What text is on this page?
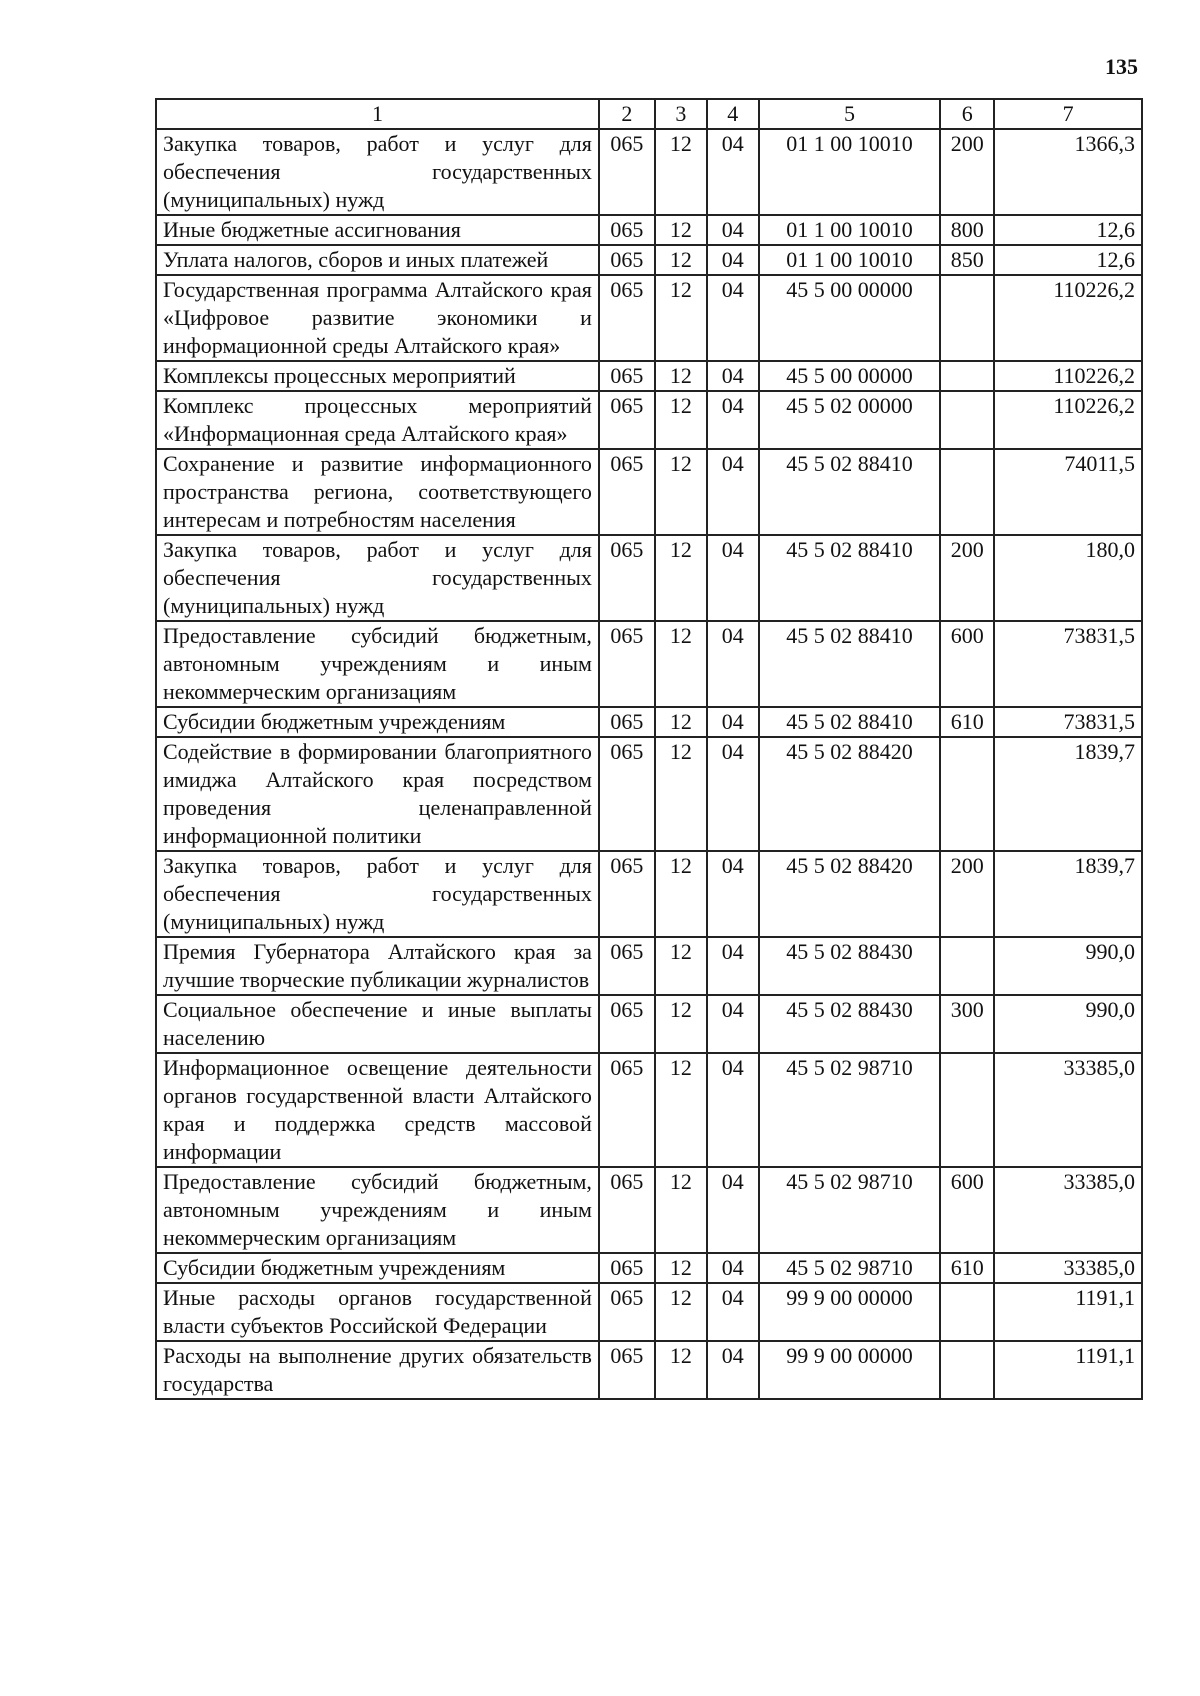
135
1	2	3	4	5	6	7
Закупка товаров, работ и услуг для обеспечения государственных (муниципальных) нужд	065	12	04	01 1 00 10010	200	1366,3
Иные бюджетные ассигнования	065	12	04	01 1 00 10010	800	12,6
Уплата налогов, сборов и иных платежей	065	12	04	01 1 00 10010	850	12,6
Государственная программа Алтайского края «Цифровое развитие экономики и информационной среды Алтайского края»	065	12	04	45 5 00 00000		110226,2
Комплексы процессных мероприятий	065	12	04	45 5 00 00000		110226,2
Комплекс процессных мероприятий «Информационная среда Алтайского края»	065	12	04	45 5 02 00000		110226,2
Сохранение и развитие информационного пространства региона, соответствующего интересам и потребностям населения	065	12	04	45 5 02 88410		74011,5
Закупка товаров, работ и услуг для обеспечения государственных (муниципальных) нужд	065	12	04	45 5 02 88410	200	180,0
Предоставление субсидий бюджетным, автономным учреждениям и иным некоммерческим организациям	065	12	04	45 5 02 88410	600	73831,5
Субсидии бюджетным учреждениям	065	12	04	45 5 02 88410	610	73831,5
Содействие в формировании благоприятного имиджа Алтайского края посредством проведения целенаправленной информационной политики	065	12	04	45 5 02 88420		1839,7
Закупка товаров, работ и услуг для обеспечения государственных (муниципальных) нужд	065	12	04	45 5 02 88420	200	1839,7
Премия Губернатора Алтайского края за лучшие творческие публикации журналистов	065	12	04	45 5 02 88430		990,0
Социальное обеспечение и иные выплаты населению	065	12	04	45 5 02 88430	300	990,0
Информационное освещение деятельности органов государственной власти Алтайского края и поддержка средств массовой информации	065	12	04	45 5 02 98710		33385,0
Предоставление субсидий бюджетным, автономным учреждениям и иным некоммерческим организациям	065	12	04	45 5 02 98710	600	33385,0
Субсидии бюджетным учреждениям	065	12	04	45 5 02 98710	610	33385,0
Иные расходы органов государственной власти субъектов Российской Федерации	065	12	04	99 9 00 00000		1191,1
Расходы на выполнение других обязательств государства	065	12	04	99 9 00 00000		1191,1
